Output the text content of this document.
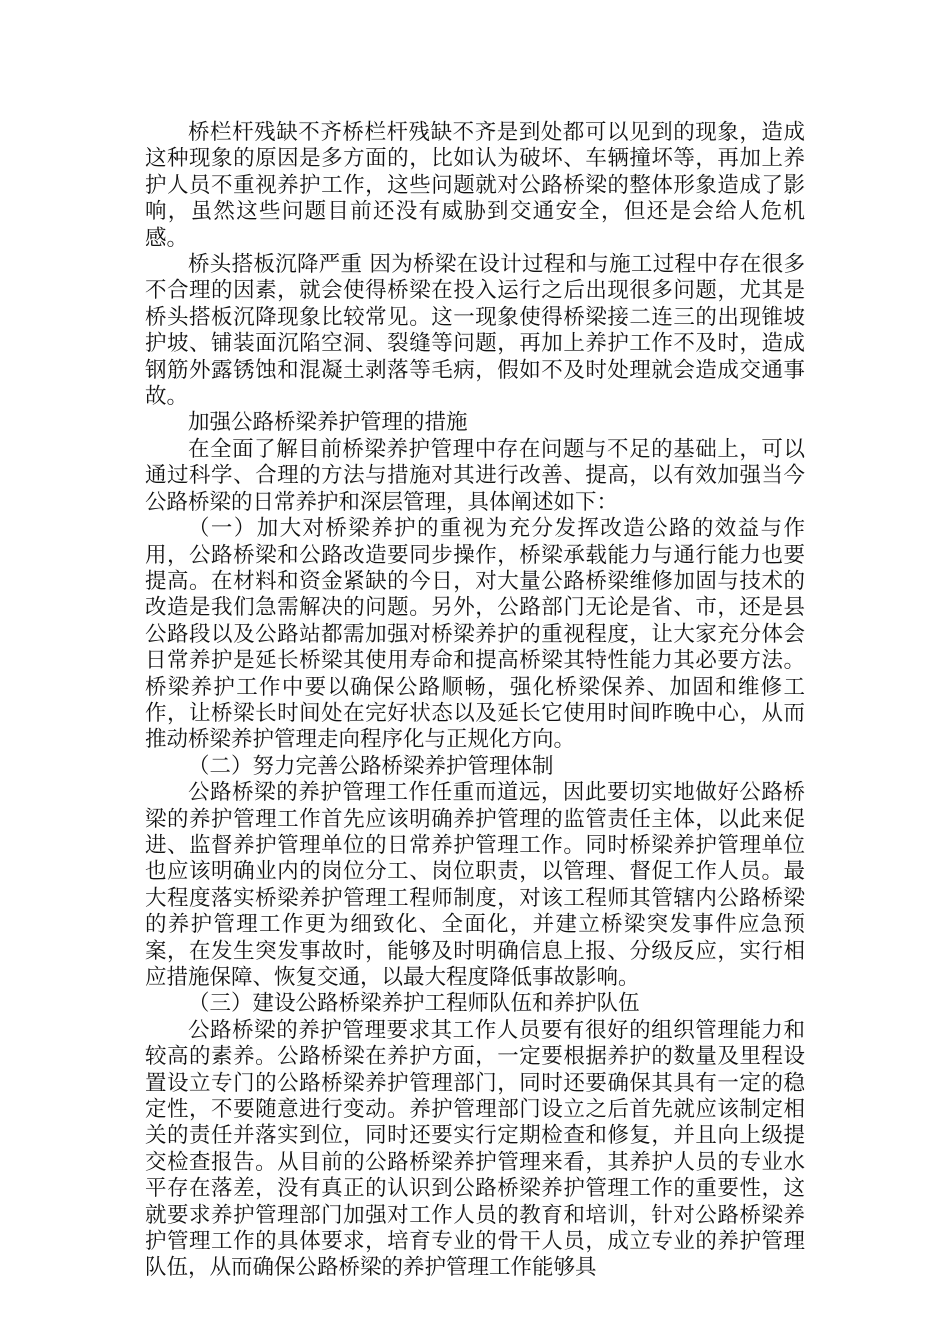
桥栏杆残缺不齐桥栏杆残缺不齐是到处都可以见到的现象，造成这种现象的原因是多方面的，比如认为破坏、车辆撞坏等，再加上养护人员不重视养护工作，这些问题就对公路桥梁的整体形象造成了影响，虽然这些问题目前还没有威胁到交通安全，但还是会给人危机感。

桥头搭板沉降严重 因为桥梁在设计过程和与施工过程中存在很多不合理的因素，就会使得桥梁在投入运行之后出现很多问题，尤其是桥头搭板沉降现象比较常见。这一现象使得桥梁接二连三的出现锥坡护坡、铺装面沉陷空洞、裂缝等问题，再加上养护工作不及时，造成 钢筋外露锈蚀和混凝土剥落等毛病，假如不及时处理就会造成交通事故。

加强公路桥梁养护管理的措施

在全面了解目前桥梁养护管理中存在问题与不足的基础上，可以通过科学、合理的方法与措施对其进行改善、提高，以有效加强当今公路桥梁的日常养护和深层管理，具体阐述如下：

（一）加大对桥梁养护的重视为充分发挥改造公路的效益与作用，公路桥梁和公路改造要同步操作，桥梁承载能力与通行能力也要提高。在材料和资金紧缺的今日，对大量公路桥梁维修加固与技术的改造是我们急需解决的问题。另外，公路部门无论是省、市，还是县公路段以及公路站都需加强对桥梁养护的重视程度，让大家充分体会日常养护是延长桥梁其使用寿命和提高桥梁其特性能力其必要方法。桥梁养护工作中要以确保公路顺畅，强化桥梁保养、加固和维修工作，让桥梁长时间处在完好状态以及延长它使用时间昨晚中心，从而推动桥梁养护管理走向程序化与正规化方向。

（二）努力完善公路桥梁养护管理体制

公路桥梁的养护管理工作任重而道远，因此要切实地做好公路桥梁的养护管理工作首先应该明确养护管理的监管责任主体，以此来促进、监督养护管理单位的日常养护管理工作。同时桥梁养护管理单位也应该明确业内的岗位分工、岗位职责，以管理、督促工作人员。最大程度落实桥梁养护管理工程师制度，对该工程师其管辖内公路桥梁的养护管理工作更为细致化、全面化，并建立桥梁突发事件应急预案，在发生突发事故时，能够及时明确信息上报、分级反应，实行相应措施保障、恢复交通，以最大程度降低事故影响。

（三）建设公路桥梁养护工程师队伍和养护队伍

公路桥梁的养护管理要求其工作人员要有很好的组织管理能力和较高的素养。公路桥梁在养护方面，一定要根据养护的数量及里程设置设立专门的公路桥梁养护管理部门，同时还要确保其具有一定的稳定性，不要随意进行变动。养护管理部门设立之后首先就应该制定相关的责任并落实到位，同时还要实行定期检查和修复，并且向上级提交检查报告。从目前的公路桥梁养护管理来看，其养护人员的专业水平存在落差，没有真正的认识到公路桥梁养护管理工作的重要性，这就要求养护管理部门加强对工作人员的教育和培训，针对公路桥梁养护管理工作的具体要求，培育专业的骨干人员，成立专业的养护管理队伍，从而确保公路桥梁的养护管理工作能够具
